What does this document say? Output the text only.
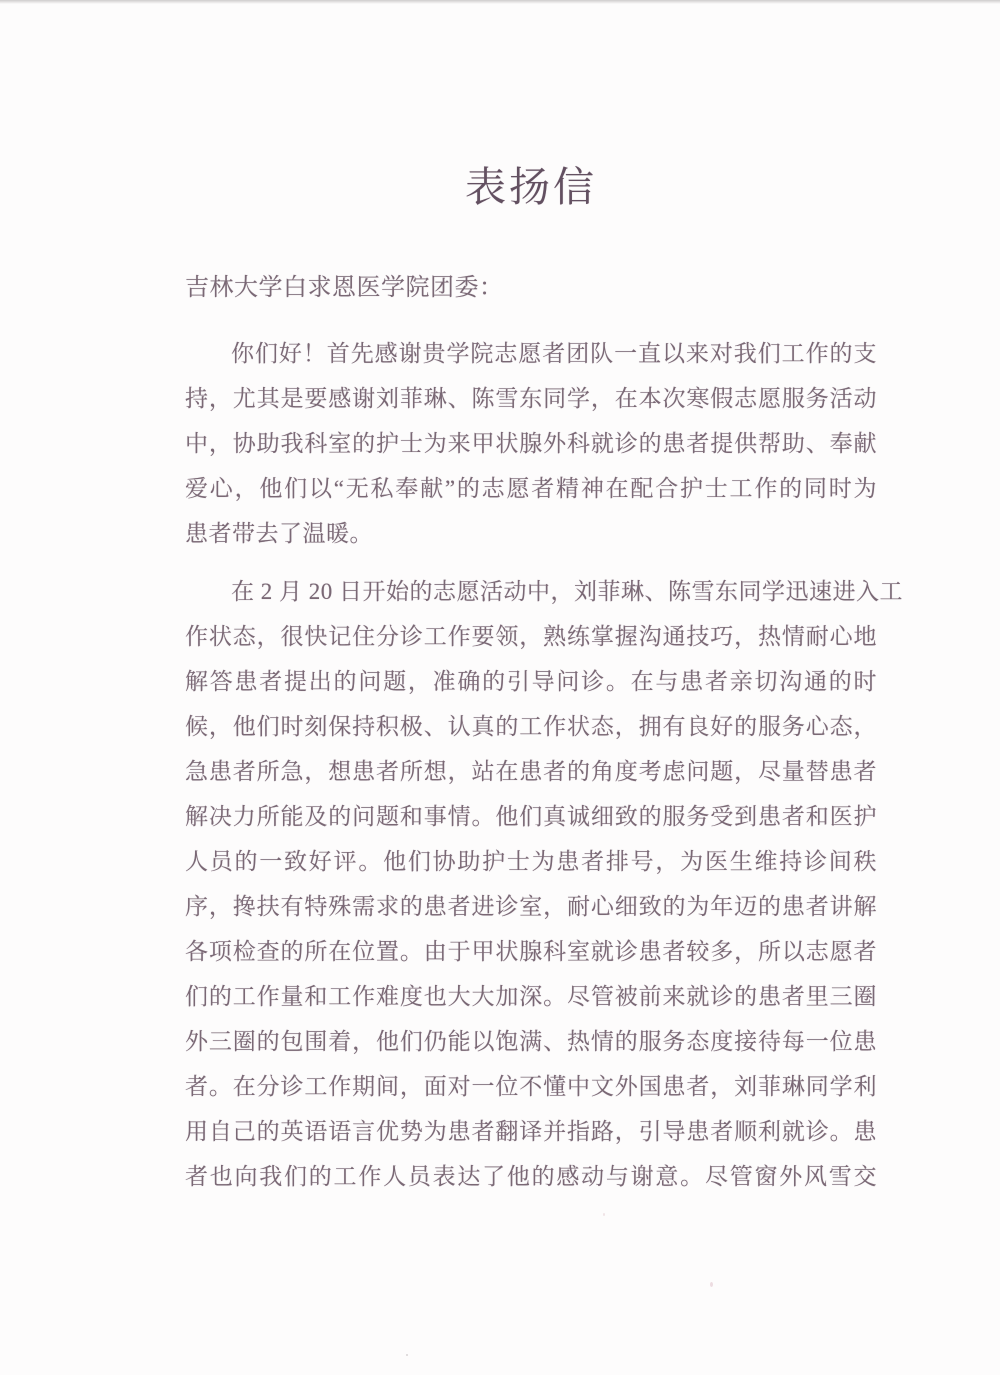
表扬信
吉林大学白求恩医学院团委：
你们好！首先感谢贵学院志愿者团队一直以来对我们工作的支
持，尤其是要感谢刘菲琳、陈雪东同学，在本次寒假志愿服务活动
中，协助我科室的护士为来甲状腺外科就诊的患者提供帮助、奉献
爱心，他们以“无私奉献”的志愿者精神在配合护士工作的同时为
患者带去了温暖。
在 2 月 20 日开始的志愿活动中，刘菲琳、陈雪东同学迅速进入工
作状态，很快记住分诊工作要领，熟练掌握沟通技巧，热情耐心地
解答患者提出的问题，准确的引导问诊。在与患者亲切沟通的时
候，他们时刻保持积极、认真的工作状态，拥有良好的服务心态，
急患者所急，想患者所想，站在患者的角度考虑问题，尽量替患者
解决力所能及的问题和事情。他们真诚细致的服务受到患者和医护
人员的一致好评。他们协助护士为患者排号，为医生维持诊间秩
序，搀扶有特殊需求的患者进诊室，耐心细致的为年迈的患者讲解
各项检查的所在位置。由于甲状腺科室就诊患者较多，所以志愿者
们的工作量和工作难度也大大加深。尽管被前来就诊的患者里三圈
外三圈的包围着，他们仍能以饱满、热情的服务态度接待每一位患
者。在分诊工作期间，面对一位不懂中文外国患者，刘菲琳同学利
用自己的英语语言优势为患者翻译并指路，引导患者顺利就诊。患
者也向我们的工作人员表达了他的感动与谢意。尽管窗外风雪交
